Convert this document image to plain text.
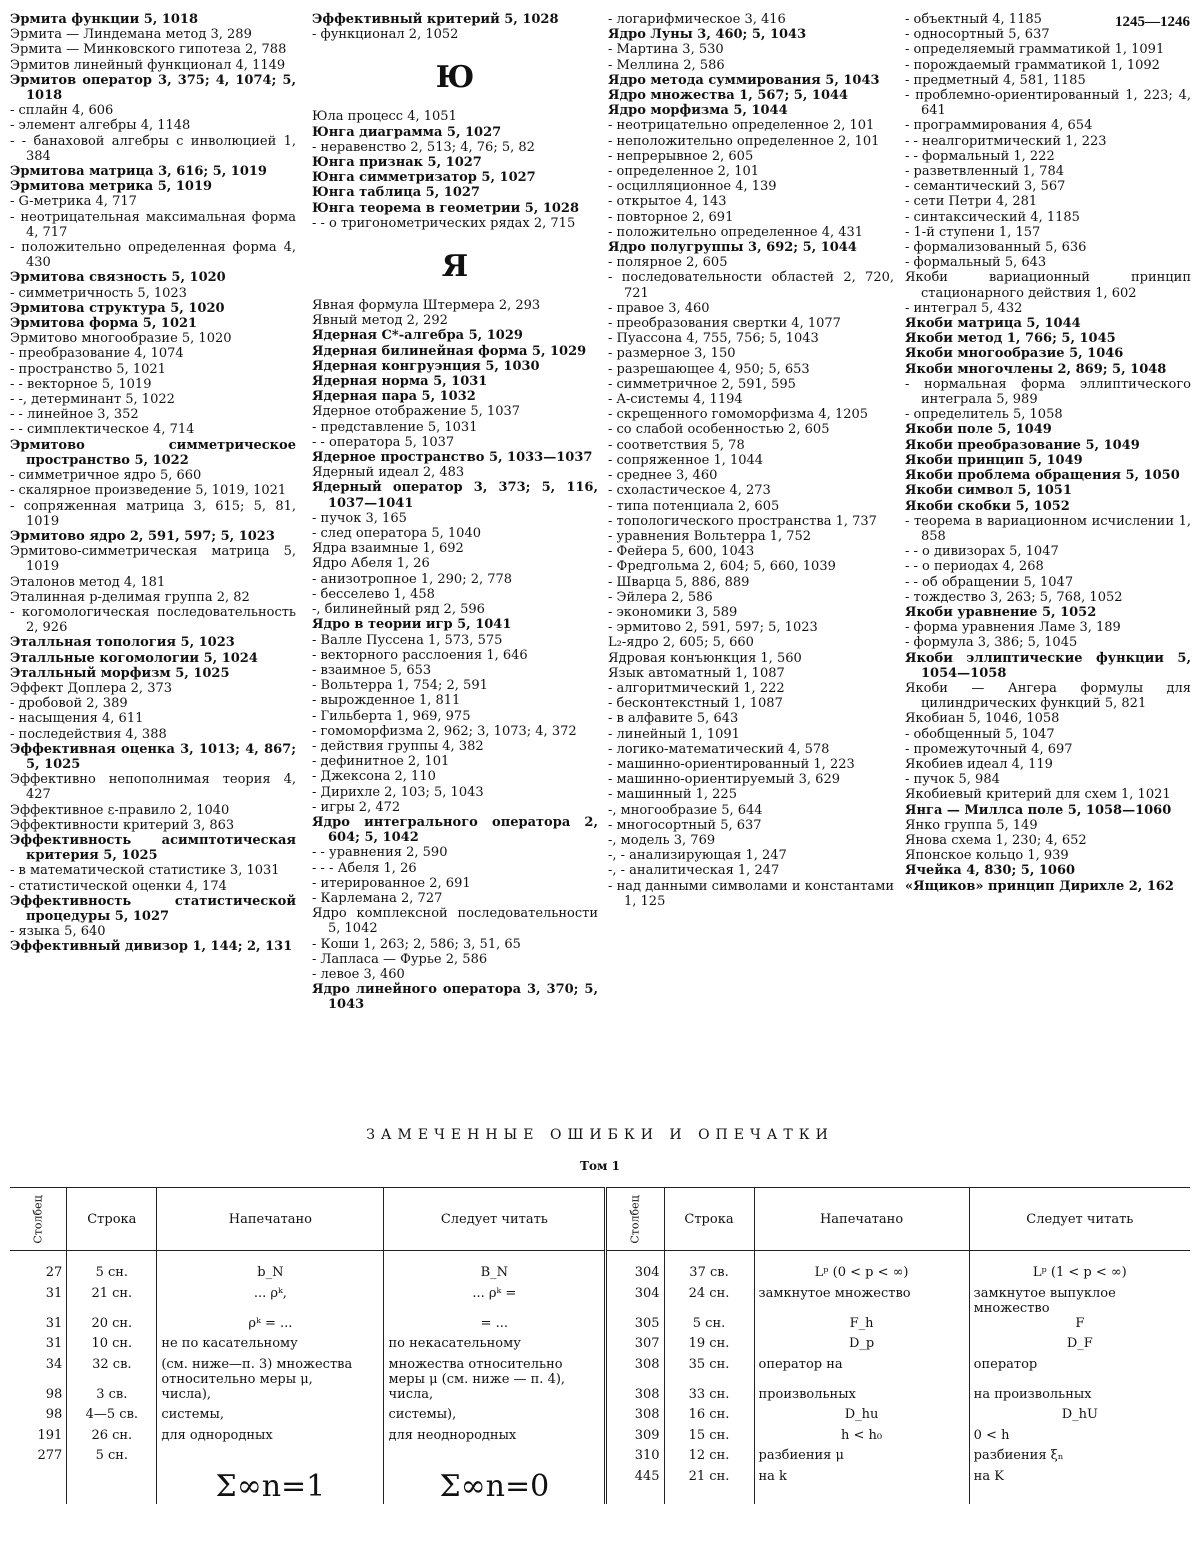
1245—1246
Эрмита функции 5, 1018
Эрмита — Линдемана метод 3, 289
Эрмита — Минковского гипотеза 2, 788
Эрмитов линейный функционал 4, 1149
Эрмитов оператор 3, 375; 4, 1074; 5, 1018
- сплайн 4, 606
- элемент алгебры 4, 1148
- - банаховой алгебры с инволюцией 1, 384
Эрмитова матрица 3, 616; 5, 1019
Эрмитова метрика 5, 1019
- G-метрика 4, 717
- неотрицательная максимальная форма 4, 717
- положительно определенная форма 4, 430
Эрмитова связность 5, 1020
- симметричность 5, 1023
Эрмитова структура 5, 1020
Эрмитова форма 5, 1021
Эрмитово многообразие 5, 1020
- преобразование 4, 1074
- пространство 5, 1021
- - векторное 5, 1019
- -, детерминант 5, 1022
- - линейное 3, 352
- - симплектическое 4, 714
Эрмитово симметрическое пространство 5, 1022
- симметричное ядро 5, 660
- скалярное произведение 5, 1019, 1021
- сопряженная матрица 3, 615; 5, 81, 1019
Эрмитово ядро 2, 591, 597; 5, 1023
Эрмитово-симметрическая матрица 5, 1019
Эталонов метод 4, 181
Эталинная p-делимая группа 2, 82
- когомологическая последовательность 2, 926
Эталльная топология 5, 1023
Эталльные когомологии 5, 1024
Эталльный морфизм 5, 1025
Эффект Доплера 2, 373
- дробовой 2, 389
- насыщения 4, 611
- последействия 4, 388
Эффективная оценка 3, 1013; 4, 867; 5, 1025
Эффективно непополнимая теория 4, 427
Эффективное ε-правило 2, 1040
Эффективности критерий 3, 863
Эффективность асимптотическая критерия 5, 1025
- в математической статистике 3, 1031
- статистической оценки 4, 174
Эффективность статистической процедуры 5, 1027
- языка 5, 640
Эффективный дивизор 1, 144; 2, 131
Эффективный критерий 5, 1028
- функционал 2, 1052
Ю
Юла процесс 4, 1051
Юнга диаграмма 5, 1027
- неравенство 2, 513; 4, 76; 5, 82
Юнга признак 5, 1027
Юнга симметризатор 5, 1027
Юнга таблица 5, 1027
Юнга теорема в геометрии 5, 1028
- - о тригонометрических рядах 2, 715
Я
Явная формула Штермера 2, 293
Явный метод 2, 292
Ядерная C*-алгебра 5, 1029
Ядерная билинейная форма 5, 1029
Ядерная конгруэнция 5, 1030
Ядерная норма 5, 1031
Ядерная пара 5, 1032
Ядерное отображение 5, 1037
- представление 5, 1031
- - оператора 5, 1037
Ядерное пространство 5, 1033—1037
Ядерный идеал 2, 483
Ядерный оператор 3, 373; 5, 116, 1037—1041
- пучок 3, 165
- след оператора 5, 1040
Ядра взаимные 1, 692
Ядро Абеля 1, 26
- анизотропное 1, 290; 2, 778
- бесселево 1, 458
-, билинейный ряд 2, 596
Ядро в теории игр 5, 1041
- Валле Пуссена 1, 573, 575
- векторного расслоения 1, 646
- взаимное 5, 653
- Вольтерра 1, 754; 2, 591
- вырожденное 1, 811
- Гильберта 1, 969, 975
- гомоморфизма 2, 962; 3, 1073; 4, 372
- действия группы 4, 382
- дефинитное 2, 101
- Джексона 2, 110
- Дирихле 2, 103; 5, 1043
- игры 2, 472
Ядро интегрального оператора 2, 604; 5, 1042
- - уравнения 2, 590
- - - Абеля 1, 26
- итерированное 2, 691
- Карлемана 2, 727
Ядро комплексной последовательности 5, 1042
- Коши 1, 263; 2, 586; 3, 51, 65
- Лапласа — Фурье 2, 586
- левое 3, 460
Ядро линейного оператора 3, 370; 5, 1043
- логарифмическое 3, 416
Ядро Луны 3, 460; 5, 1043
- Мартина 3, 530
- Меллина 2, 586
Ядро метода суммирования 5, 1043
Ядро множества 1, 567; 5, 1044
Ядро морфизма 5, 1044
- неотрицательно определенное 2, 101
- неположительно определенное 2, 101
- непрерывное 2, 605
- определенное 2, 101
- осцилляционное 4, 139
- открытое 4, 143
- повторное 2, 691
- положительно определенное 4, 431
Ядро полугруппы 3, 692; 5, 1044
- полярное 2, 605
- последовательности областей 2, 720, 721
- правое 3, 460
- преобразования свертки 4, 1077
- Пуассона 4, 755, 756; 5, 1043
- размерное 3, 150
- разрешающее 4, 950; 5, 653
- симметричное 2, 591, 595
- A-системы 4, 1194
- скрещенного гомоморфизма 4, 1205
- со слабой особенностью 2, 605
- соответствия 5, 78
- сопряженное 1, 1044
- среднее 3, 460
- схоластическое 4, 273
- типа потенциала 2, 605
- топологического пространства 1, 737
- уравнения Вольтерра 1, 752
- Фейера 5, 600, 1043
- Фредгольма 2, 604; 5, 660, 1039
- Шварца 5, 886, 889
- Эйлера 2, 586
- экономики 3, 589
- эрмитово 2, 591, 597; 5, 1023
L₂-ядро 2, 605; 5, 660
Ядровая конъюнкция 1, 560
Язык автоматный 1, 1087
- алгоритмический 1, 222
- бесконтекстный 1, 1087
- в алфавите 5, 643
- линейный 1, 1091
- логико-математический 4, 578
- машинно-ориентированный 1, 223
- машинно-ориентируемый 3, 629
- машинный 1, 225
-, многообразие 5, 644
- многосортный 5, 637
-, модель 3, 769
-, - анализирующая 1, 247
-, - аналитическая 1, 247
- над данными символами и константами 1, 125
- объектный 4, 1185
- односортный 5, 637
- определяемый грамматикой 1, 1091
- порождаемый грамматикой 1, 1092
- предметный 4, 581, 1185
- проблемно-ориентированный 1, 223; 4, 641
- программирования 4, 654
- - неалгоритмический 1, 223
- - формальный 1, 222
- разветвленный 1, 784
- семантический 3, 567
- сети Петри 4, 281
- синтаксический 4, 1185
- 1-й ступени 1, 157
- формализованный 5, 636
- формальный 5, 643
Якоби вариационный принцип стационарного действия 1, 602
- интеграл 5, 432
Якоби матрица 5, 1044
Якоби метод 1, 766; 5, 1045
Якоби многообразие 5, 1046
Якоби многочлены 2, 869; 5, 1048
- нормальная форма эллиптического интеграла 5, 989
- определитель 5, 1058
Якоби поле 5, 1049
Якоби преобразование 5, 1049
Якоби принцип 5, 1049
Якоби проблема обращения 5, 1050
Якоби символ 5, 1051
Якоби скобки 5, 1052
- теорема в вариационном исчислении 1, 858
- - о дивизорах 5, 1047
- - о периодах 4, 268
- - об обращении 5, 1047
- тождество 3, 263; 5, 768, 1052
Якоби уравнение 5, 1052
- форма уравнения Ламе 3, 189
- формула 3, 386; 5, 1045
Якоби эллиптические функции 5, 1054—1058
Якоби — Ангера формулы для цилиндрических функций 5, 821
Якобиан 5, 1046, 1058
- обобщенный 5, 1047
- промежуточный 4, 697
Якобиев идеал 4, 119
- пучок 5, 984
Якобиевый критерий для схем 1, 1021
Янга — Миллса поле 5, 1058—1060
Янко группа 5, 149
Янова схема 1, 230; 4, 652
Японское кольцо 1, 939
Ячейка 4, 830; 5, 1060
«Ящиков» принцип Дирихле 2, 162
ЗАМЕЧЕННЫЕ ОШИБКИ И ОПЕЧАТКИ
Том 1
Столбец	Строка	Напечатано	Следует читать	Столбец	Строка	Напечатано	Следует читать
27	5 сн.	b_N	B_N	304	37 св.	Lᵖ (0 < p < ∞)	Lᵖ (1 < p < ∞)
31	21 сн.	... ρᵏ,	... ρᵏ =	304	24 сн.	замкнутое множество	замкнутое выпуклое множество
31	20 сн.	ρᵏ = ...	= ...	305	5 сн.	F_h	F
31	10 сн.	не по касательному	по некасательному	307	19 сн.	D_p	D_F
34	32 св.	(см. ниже—п. 3) множества относительно меры μ,	множества относительно меры μ (см. ниже — п. 4),	308	35 сн.	оператор на	оператор
98	3 св.	числа),	числа,	308	33 сн.	произвольных	на произвольных
98	4—5 св.	системы,	системы),	308	16 сн.	D_hu	D_hU
191	26 сн.	для однородных	для неоднородных	309	15 сн.	h < h₀	0 < h
277	5 сн.			310	12 сн.	разбиения μ	разбиения ξₙ
		Σ∞n=1	Σ∞n=0	445	21 сн.	на k	на K
